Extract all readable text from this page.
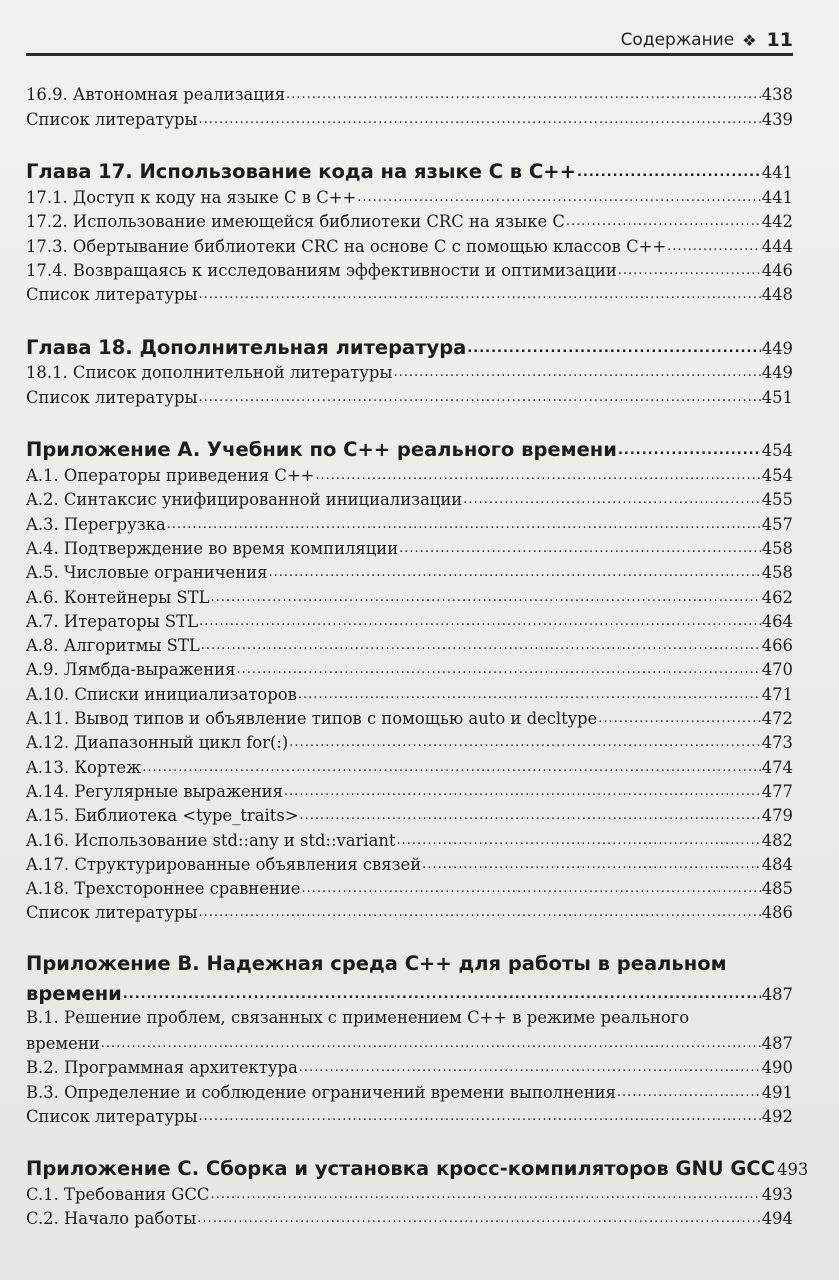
Содержание ❖ 11
16.9. Автономная реализация .....	438
Список литературы .....	439
Глава 17. Использование кода на языке C в C++ .....	441
17.1. Доступ к коду на языке C в C++ .....	441
17.2. Использование имеющейся библиотеки CRC на языке C .....	442
17.3. Обертывание библиотеки CRC на основе C с помощью классов C++ .....	444
17.4. Возвращаясь к исследованиям эффективности и оптимизации .....	446
Список литературы .....	448
Глава 18. Дополнительная литература .....	449
18.1. Список дополнительной литературы .....	449
Список литературы .....	451
Приложение A. Учебник по C++ реального времени .....	454
A.1. Операторы приведения C++ .....	454
A.2. Синтаксис унифицированной инициализации .....	455
A.3. Перегрузка .....	457
A.4. Подтверждение во время компиляции .....	458
A.5. Числовые ограничения .....	458
A.6. Контейнеры STL .....	462
A.7. Итераторы STL .....	464
A.8. Алгоритмы STL .....	466
A.9. Лямбда-выражения .....	470
A.10. Списки инициализаторов .....	471
A.11. Вывод типов и объявление типов с помощью auto и decltype .....	472
A.12. Диапазонный цикл for(:) .....	473
A.13. Кортеж .....	474
A.14. Регулярные выражения .....	477
A.15. Библиотека <type_traits> .....	479
A.16. Использование std::any и std::variant .....	482
A.17. Структурированные объявления связей .....	484
A.18. Трехстороннее сравнение .....	485
Список литературы .....	486
Приложение B. Надежная среда C++ для работы в реальном
времени .....	487
B.1. Решение проблем, связанных с применением C++ в режиме реального
времени .....	487
B.2. Программная архитектура .....	490
B.3. Определение и соблюдение ограничений времени выполнения .....	491
Список литературы .....	492
Приложение C. Сборка и установка кросс-компиляторов GNU GCC 493
C.1. Требования GCC .....	493
C.2. Начало работы .....	494
